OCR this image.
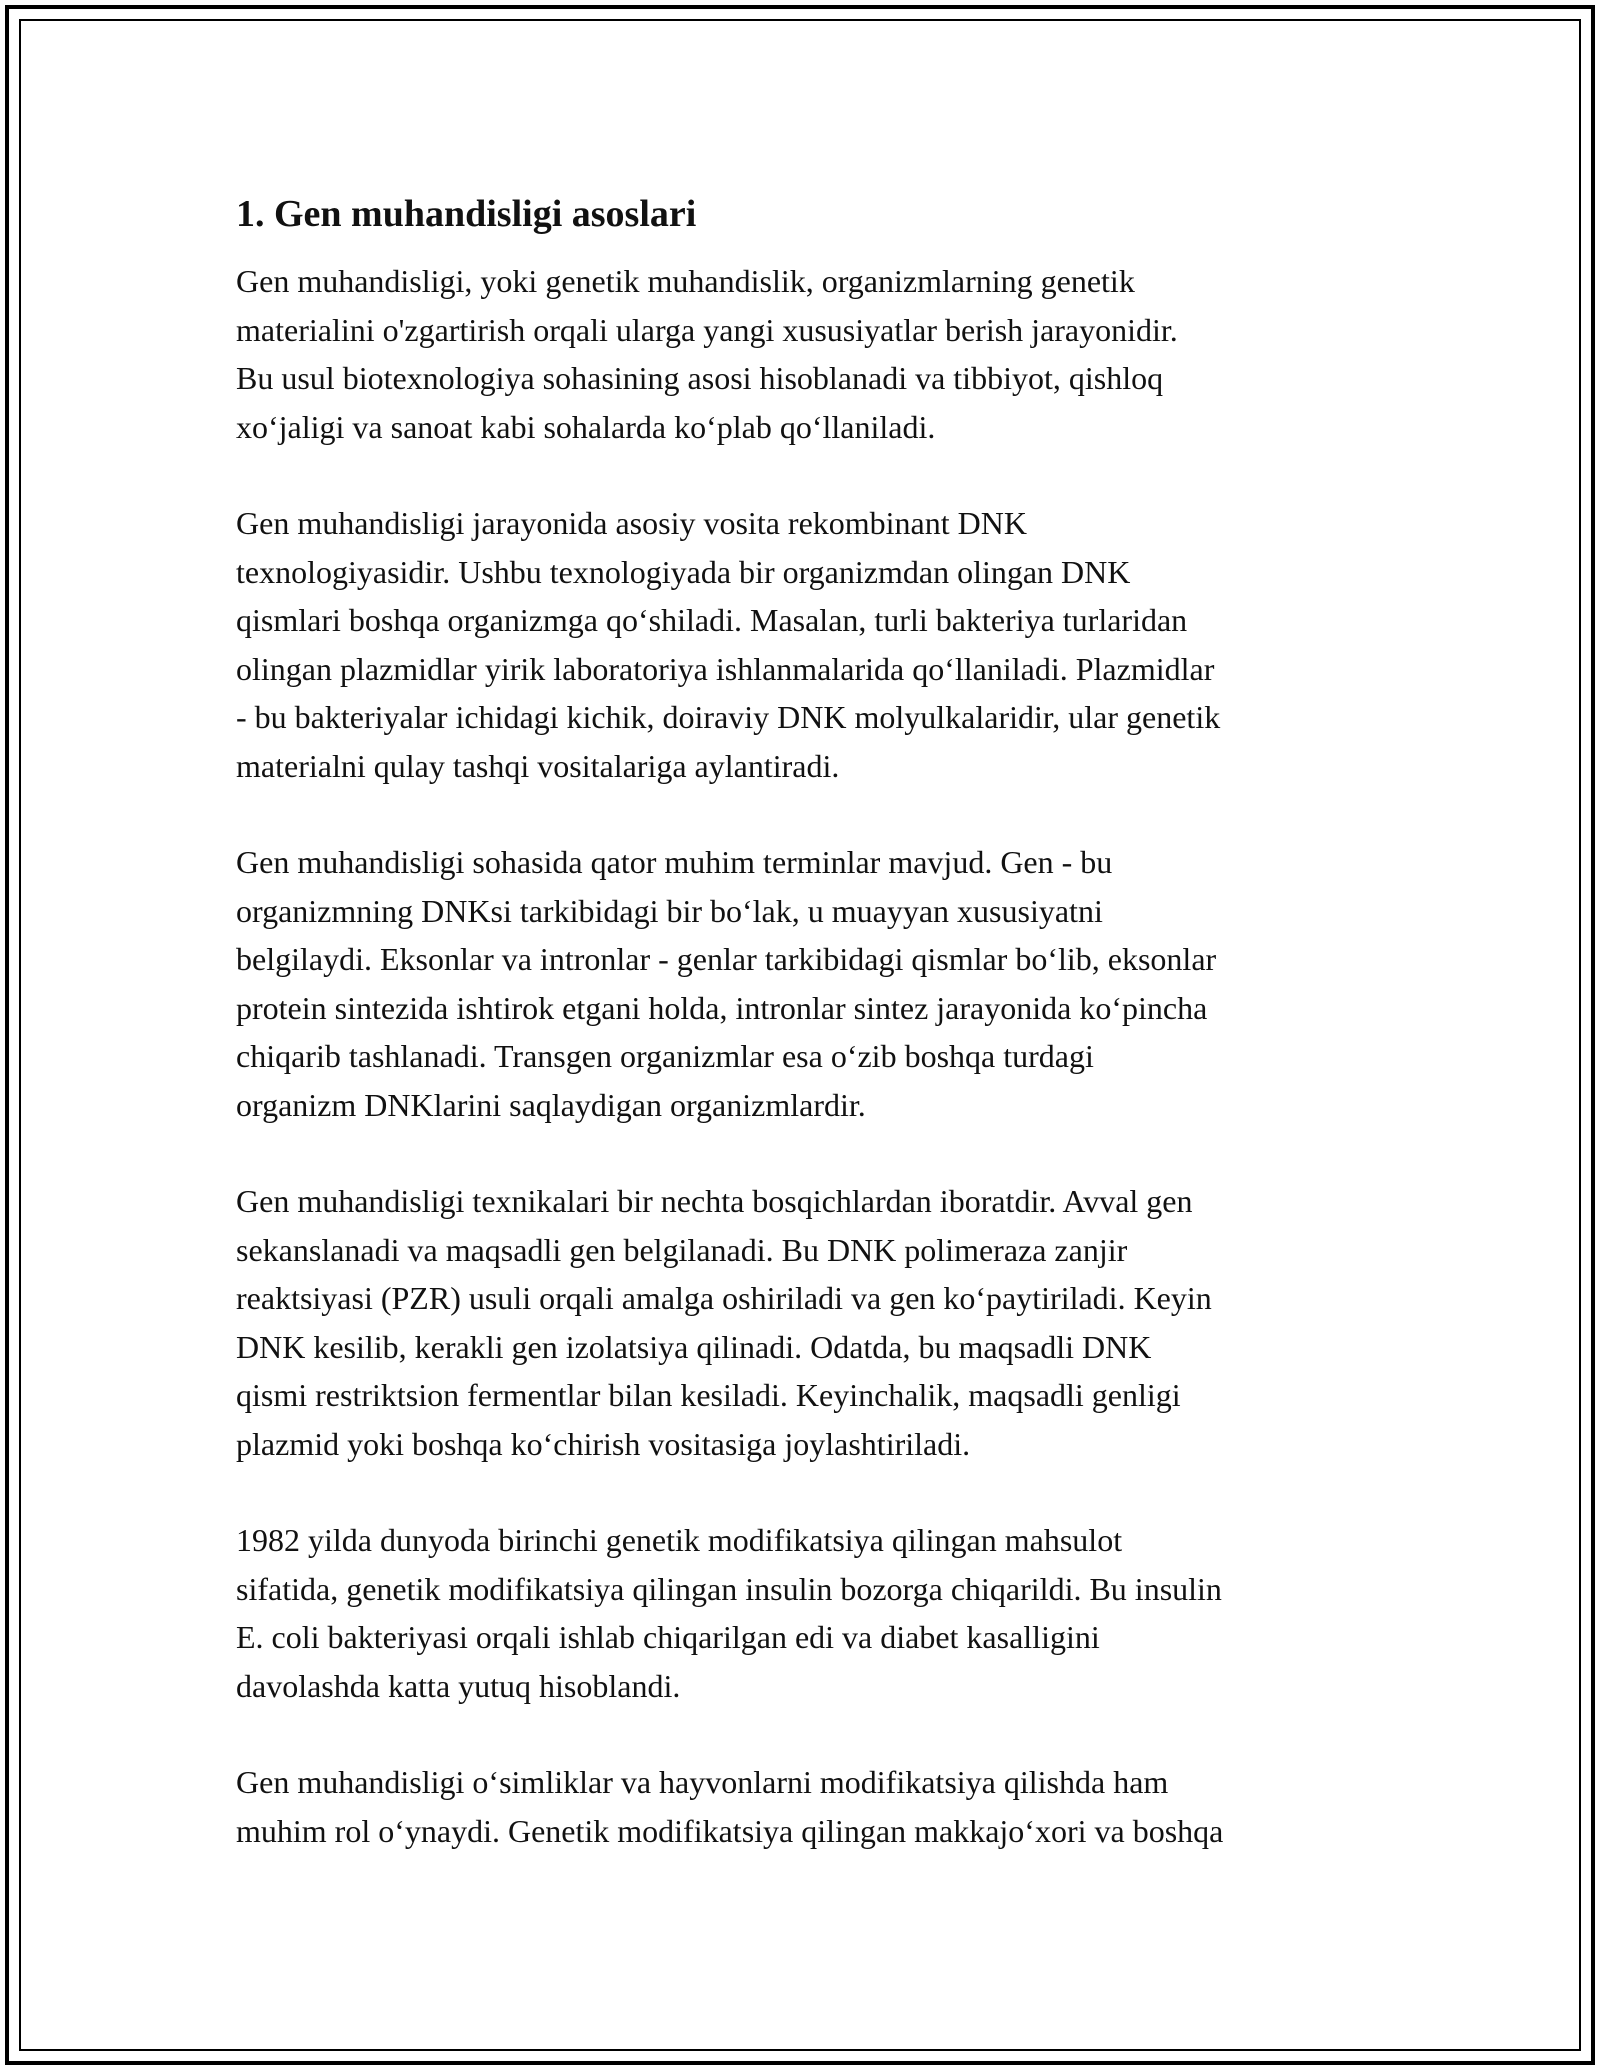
1. Gen muhandisligi asoslari

Gen muhandisligi, yoki genetik muhandislik, organizmlarning genetik
materialini o'zgartirish orqali ularga yangi xususiyatlar berish jarayonidir.
Bu usul biotexnologiya sohasining asosi hisoblanadi va tibbiyot, qishloq
xo‘jaligi va sanoat kabi sohalarda ko‘plab qo‘llaniladi.

Gen muhandisligi jarayonida asosiy vosita rekombinant DNK
texnologiyasidir. Ushbu texnologiyada bir organizmdan olingan DNK
qismlari boshqa organizmga qo‘shiladi. Masalan, turli bakteriya turlaridan
olingan plazmidlar yirik laboratoriya ishlanmalarida qo‘llaniladi. Plazmidlar
- bu bakteriyalar ichidagi kichik, doiraviy DNK molyulkalaridir, ular genetik
materialni qulay tashqi vositalariga aylantiradi.

Gen muhandisligi sohasida qator muhim terminlar mavjud. Gen - bu
organizmning DNKsi tarkibidagi bir bo‘lak, u muayyan xususiyatni
belgilaydi. Eksonlar va intronlar - genlar tarkibidagi qismlar bo‘lib, eksonlar
protein sintezida ishtirok etgani holda, intronlar sintez jarayonida ko‘pincha
chiqarib tashlanadi. Transgen organizmlar esa o‘zib boshqa turdagi
organizm DNKlarini saqlaydigan organizmlardir.

Gen muhandisligi texnikalari bir nechta bosqichlardan iboratdir. Avval gen
sekanslanadi va maqsadli gen belgilanadi. Bu DNK polimeraza zanjir
reaktsiyasi (PZR) usuli orqali amalga oshiriladi va gen ko‘paytiriladi. Keyin
DNK kesilib, kerakli gen izolatsiya qilinadi. Odatda, bu maqsadli DNK
qismi restriktsion fermentlar bilan kesiladi. Keyinchalik, maqsadli genligi
plazmid yoki boshqa ko‘chirish vositasiga joylashtiriladi.

1982 yilda dunyoda birinchi genetik modifikatsiya qilingan mahsulot
sifatida, genetik modifikatsiya qilingan insulin bozorga chiqarildi. Bu insulin
E. coli bakteriyasi orqali ishlab chiqarilgan edi va diabet kasalligini
davolashda katta yutuq hisoblandi.

Gen muhandisligi o‘simliklar va hayvonlarni modifikatsiya qilishda ham
muhim rol o‘ynaydi. Genetik modifikatsiya qilingan makkajo‘xori va boshqa
